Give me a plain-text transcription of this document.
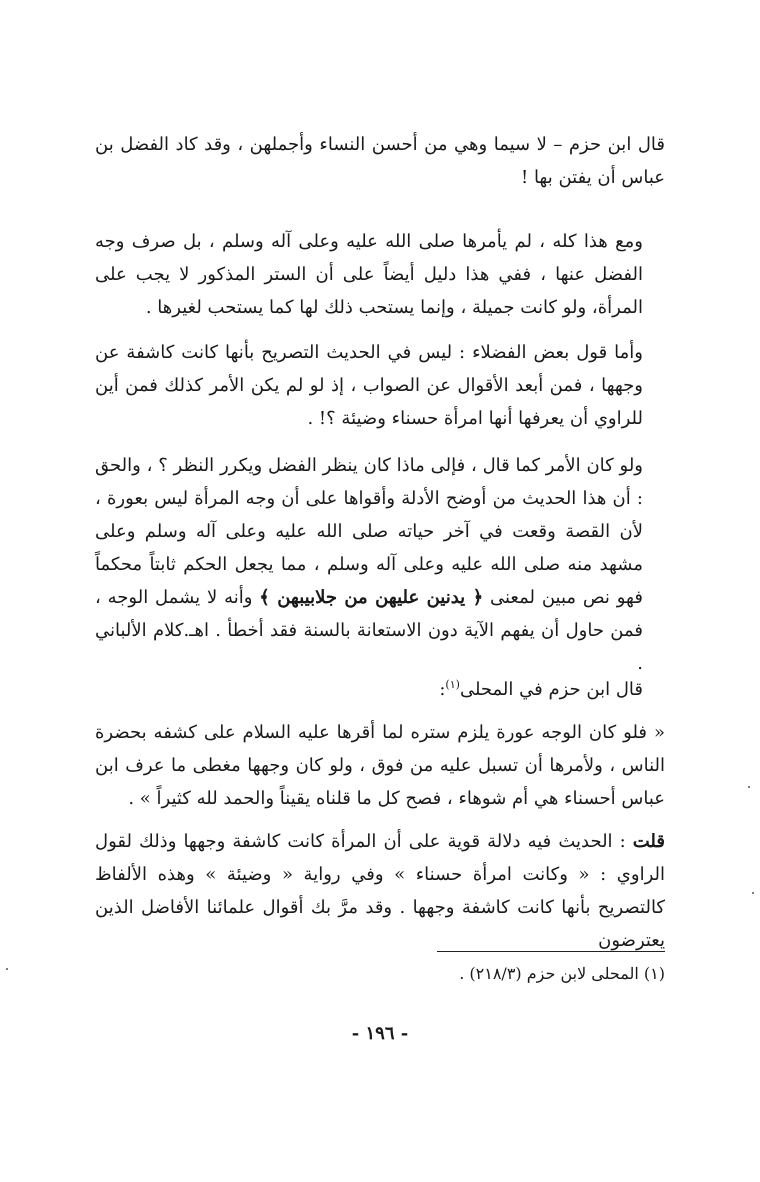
قال ابن حزم – لا سيما وهي من أحسن النساء وأجملهن ، وقد كاد الفضل بن عباس أن يفتن بها !

ومع هذا كله ، لم يأمرها صلى الله عليه وعلى آله وسلم ، بل صرف وجه الفضل عنها ، ففي هذا دليل أيضاً على أن الستر المذكور لا يجب على المرأة، ولو كانت جميلة ، وإنما يستحب ذلك لها كما يستحب لغيرها .

وأما قول بعض الفضلاء : ليس في الحديث التصريح بأنها كانت كاشفة عن وجهها ، فمن أبعد الأقوال عن الصواب ، إذ لو لم يكن الأمر كذلك فمن أين للراوي أن يعرفها أنها امرأة حسناء وضيئة ؟! .

ولو كان الأمر كما قال ، فإلى ماذا كان ينظر الفضل ويكرر النظر ؟ ، والحق : أن هذا الحديث من أوضح الأدلة وأقواها على أن وجه المرأة ليس بعورة ، لأن القصة وقعت في آخر حياته صلى الله عليه وعلى آله وسلم وعلى مشهد منه صلى الله عليه وعلى آله وسلم ، مما يجعل الحكم ثابتاً محكماً فهو نص مبين لمعنى ﴿ يدنين عليهن من جلابيبهن ﴾ وأنه لا يشمل الوجه ، فمن حاول أن يفهم الآية دون الاستعانة بالسنة فقد أخطأ . اهـ.كلام الألباني .

قال ابن حزم في المحلى$^{(١)}$:

« فلو كان الوجه عورة يلزم ستره لما أقرها عليه السلام على كشفه بحضرة الناس ، ولأمرها أن تسبل عليه من فوق ، ولو كان وجهها مغطى ما عرف ابن عباس أحسناء هي أم شوهاء ، فصح كل ما قلناه يقيناً والحمد لله كثيراً » .

قلت : الحديث فيه دلالة قوية على أن المرأة كانت كاشفة وجهها وذلك لقول الراوي : « وكانت امرأة حسناء » وفي رواية « وضيئة » وهذه الألفاظ كالتصريح بأنها كانت كاشفة وجهها . وقد مرَّ بك أقوال علمائنا الأفاضل الذين يعترضون

(١) المحلى لابن حزم (٢١٨/٣) .
- ١٩٦ -
